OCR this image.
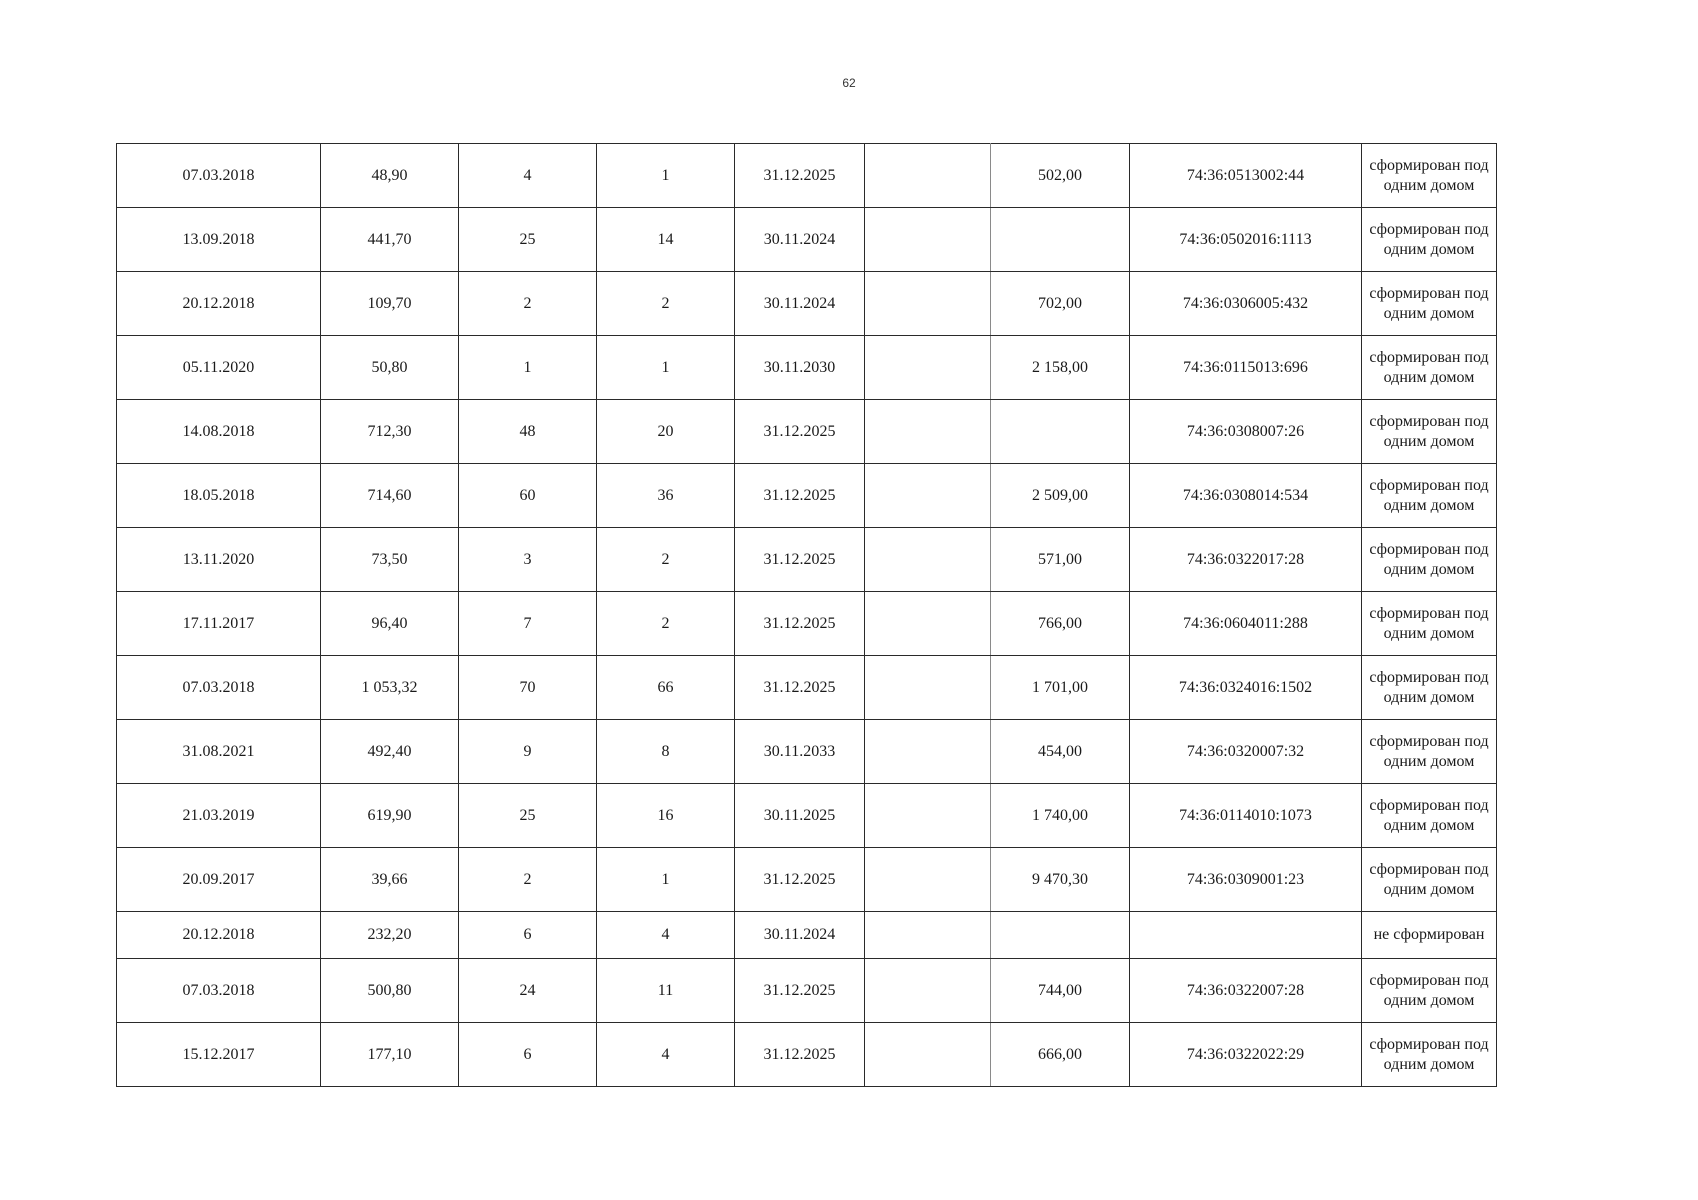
62
07.03.2018	48,90	4	1	31.12.2025		502,00	74:36:0513002:44	сформирован под одним домом
13.09.2018	441,70	25	14	30.11.2024			74:36:0502016:1113	сформирован под одним домом
20.12.2018	109,70	2	2	30.11.2024		702,00	74:36:0306005:432	сформирован под одним домом
05.11.2020	50,80	1	1	30.11.2030		2 158,00	74:36:0115013:696	сформирован под одним домом
14.08.2018	712,30	48	20	31.12.2025			74:36:0308007:26	сформирован под одним домом
18.05.2018	714,60	60	36	31.12.2025		2 509,00	74:36:0308014:534	сформирован под одним домом
13.11.2020	73,50	3	2	31.12.2025		571,00	74:36:0322017:28	сформирован под одним домом
17.11.2017	96,40	7	2	31.12.2025		766,00	74:36:0604011:288	сформирован под одним домом
07.03.2018	1 053,32	70	66	31.12.2025		1 701,00	74:36:0324016:1502	сформирован под одним домом
31.08.2021	492,40	9	8	30.11.2033		454,00	74:36:0320007:32	сформирован под одним домом
21.03.2019	619,90	25	16	30.11.2025		1 740,00	74:36:0114010:1073	сформирован под одним домом
20.09.2017	39,66	2	1	31.12.2025		9 470,30	74:36:0309001:23	сформирован под одним домом
20.12.2018	232,20	6	4	30.11.2024				не сформирован
07.03.2018	500,80	24	11	31.12.2025		744,00	74:36:0322007:28	сформирован под одним домом
15.12.2017	177,10	6	4	31.12.2025		666,00	74:36:0322022:29	сформирован под одним домом
